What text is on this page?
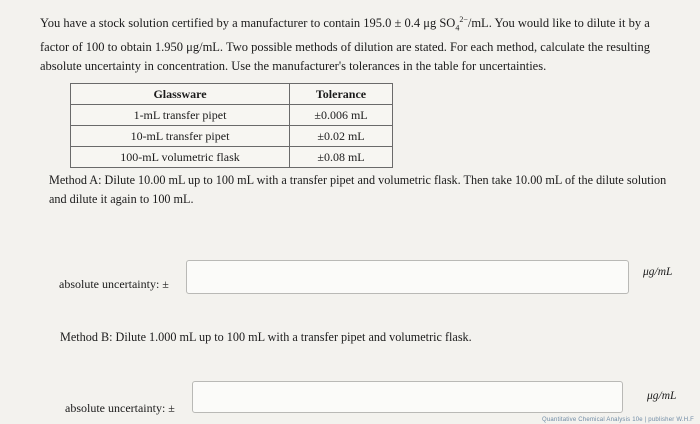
You have a stock solution certified by a manufacturer to contain 195.0 ± 0.4 μg $SO_4^{2-}/mL$. You would like to dilute it by a factor of 100 to obtain 1.950 μg/mL. Two possible methods of dilution are stated. For each method, calculate the resulting absolute uncertainty in concentration. Use the manufacturer's tolerances in the table for uncertainties.
Glassware	Tolerance
1-mL transfer pipet	±0.006 mL
10-mL transfer pipet	±0.02 mL
100-mL volumetric flask	±0.08 mL
Method A: Dilute 10.00 mL up to 100 mL with a transfer pipet and volumetric flask. Then take 10.00 mL of the dilute solution and dilute it again to 100 mL.
absolute uncertainty: ±
μg/mL
Method B: Dilute 1.000 mL up to 100 mL with a transfer pipet and volumetric flask.
absolute uncertainty: ±
μg/mL
Quantitative Chemical Analysis 10e | publisher W.H.F
